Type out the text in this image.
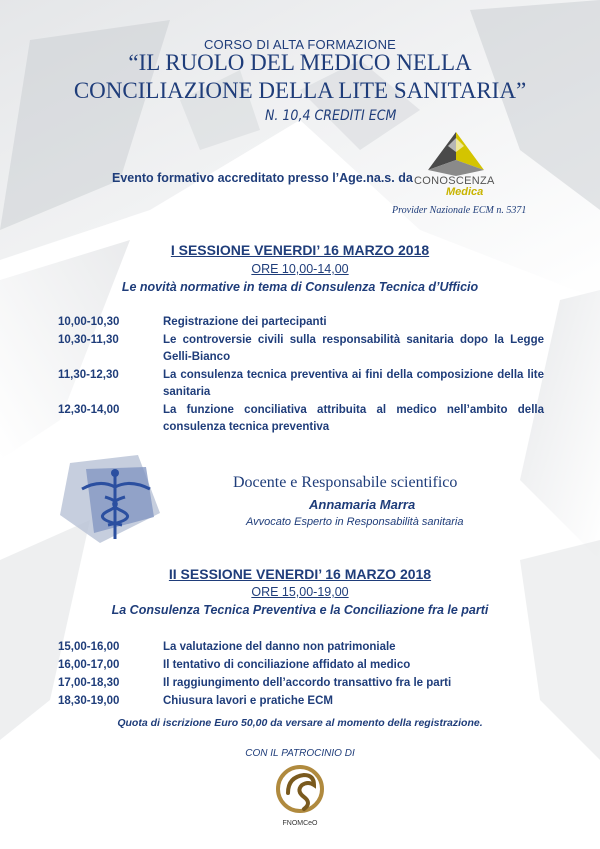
CORSO DI ALTA FORMAZIONE
“IL RUOLO DEL MEDICO NELLA
CONCILIAZIONE DELLA LITE SANITARIA”
N. 10,4 CREDITI ECM
Evento formativo accreditato presso l’Age.na.s. da CONOSCENZA
Medica
Provider Nazionale ECM n. 5371
I SESSIONE VENERDI’ 16 MARZO 2018
ORE 10,00-14,00
Le novità normative in tema di Consulenza Tecnica d’Ufficio
10,00-10,30	Registrazione dei partecipanti
10,30-11,30	Le controversie civili sulla responsabilità sanitaria dopo la Legge Gelli-Bianco
11,30-12,30	La consulenza tecnica preventiva ai fini della composizione della lite sanitaria
12,30-14,00	La funzione conciliativa attribuita al medico nell’ambito della consulenza tecnica preventiva
Docente e Responsabile scientifico
Annamaria Marra
Avvocato Esperto in Responsabilità sanitaria
II SESSIONE VENERDI’ 16 MARZO 2018
ORE 15,00-19,00
La Consulenza Tecnica Preventiva e la Conciliazione fra le parti
15,00-16,00	La valutazione del danno non patrimoniale
16,00-17,00	Il tentativo di conciliazione affidato al medico
17,00-18,30	Il raggiungimento dell’accordo transattivo fra le parti
18,30-19,00	Chiusura lavori e pratiche ECM
Quota di iscrizione Euro 50,00 da versare al momento della registrazione.
CON IL PATROCINIO DI
FNOMCeO
